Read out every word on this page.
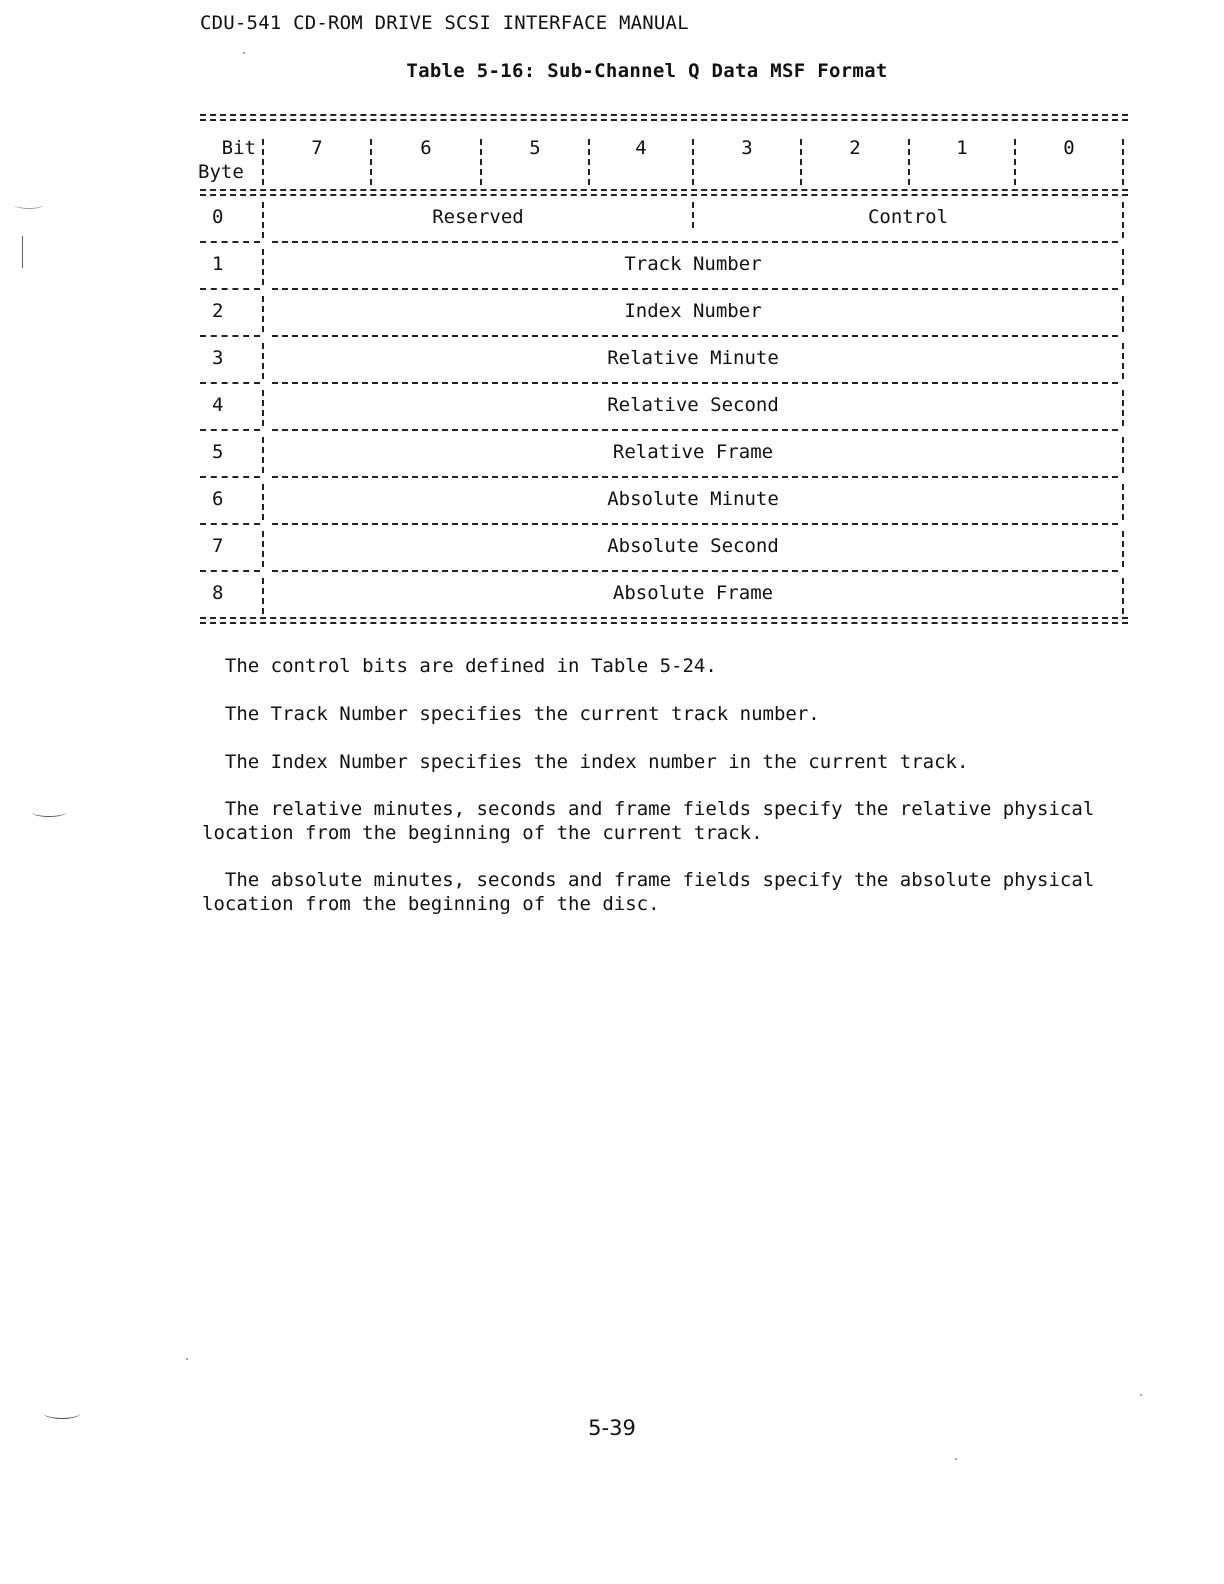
CDU-541 CD-ROM DRIVE SCSI INTERFACE MANUAL
Table 5-16: Sub-Channel Q Data MSF Format
Bit
Byte
7	6	5	4	3	2	1	0
0	Reserved	Control
1	Track Number
2	Index Number
3	Relative Minute
4	Relative Second
5	Relative Frame
6	Absolute Minute
7	Absolute Second
8	Absolute Frame
The control bits are defined in Table 5-24.
The Track Number specifies the current track number.
The Index Number specifies the index number in the current track.
The relative minutes, seconds and frame fields specify the relative physical
location from the beginning of the current track.
The absolute minutes, seconds and frame fields specify the absolute physical
location from the beginning of the disc.
5-39
